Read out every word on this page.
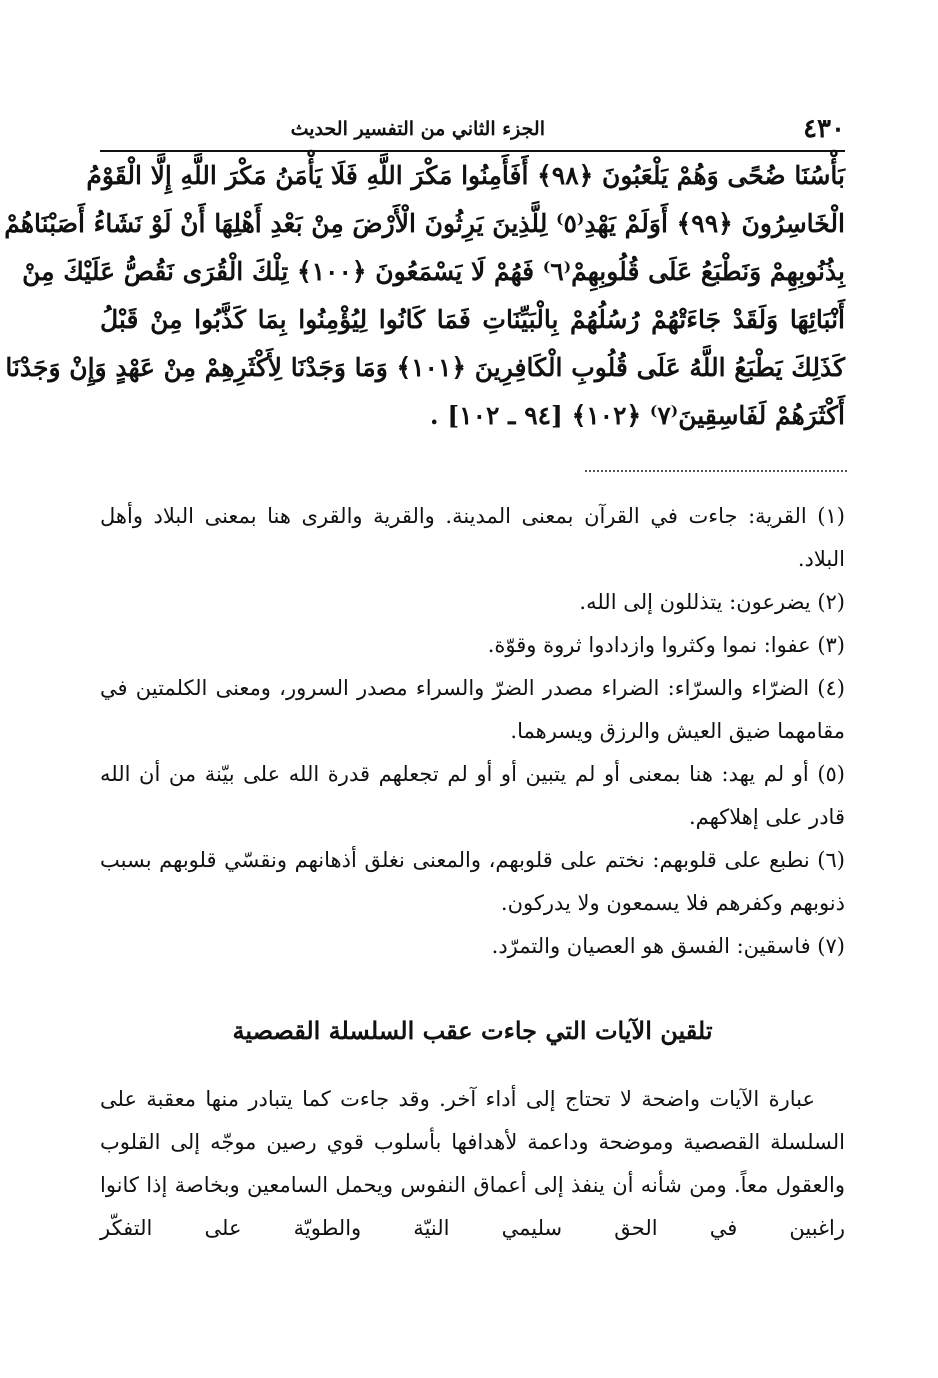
٤٣٠
الجزء الثاني من التفسير الحديث
بَأْسُنَا ضُحًى وَهُمْ يَلْعَبُونَ ﴿٩٨﴾ أَفَأَمِنُوا مَكْرَ اللَّهِ فَلَا يَأْمَنُ مَكْرَ اللَّهِ إِلَّا الْقَوْمُ
الْخَاسِرُونَ ﴿٩٩﴾ أَوَلَمْ يَهْدِ⁽٥⁾ لِلَّذِينَ يَرِثُونَ الْأَرْضَ مِنْ بَعْدِ أَهْلِهَا أَنْ لَوْ نَشَاءُ أَصَبْنَاهُمْ
بِذُنُوبِهِمْ وَنَطْبَعُ عَلَى قُلُوبِهِمْ⁽٦⁾ فَهُمْ لَا يَسْمَعُونَ ﴿١٠٠﴾ تِلْكَ الْقُرَى نَقُصُّ عَلَيْكَ مِنْ
أَنْبَائِهَا وَلَقَدْ جَاءَتْهُمْ رُسُلُهُمْ بِالْبَيِّنَاتِ فَمَا كَانُوا لِيُؤْمِنُوا بِمَا كَذَّبُوا مِنْ قَبْلُ
كَذَلِكَ يَطْبَعُ اللَّهُ عَلَى قُلُوبِ الْكَافِرِينَ ﴿١٠١﴾ وَمَا وَجَدْنَا لِأَكْثَرِهِمْ مِنْ عَهْدٍ وَإِنْ وَجَدْنَا
أَكْثَرَهُمْ لَفَاسِقِينَ⁽٧⁾ ﴿١٠٢﴾ [٩٤ ـ ١٠٢] .
(١) القرية: جاءت في القرآن بمعنى المدينة. والقرية والقرى هنا بمعنى البلاد وأهل البلاد.
(٢) يضرعون: يتذللون إلى الله.
(٣) عفوا: نموا وكثروا وازدادوا ثروة وقوّة.
(٤) الضرّاء والسرّاء: الضراء مصدر الضرّ والسراء مصدر السرور، ومعنى الكلمتين في مقامهما ضيق العيش والرزق ويسرهما.
(٥) أو لم يهد: هنا بمعنى أو لم يتبين أو أو لم تجعلهم قدرة الله على بيّنة من أن الله قادر على إهلاكهم.
(٦) نطبع على قلوبهم: نختم على قلوبهم، والمعنى نغلق أذهانهم ونقسّي قلوبهم بسبب ذنوبهم وكفرهم فلا يسمعون ولا يدركون.
(٧) فاسقين: الفسق هو العصيان والتمرّد.
تلقين الآيات التي جاءت عقب السلسلة القصصية

عبارة الآيات واضحة لا تحتاج إلى أداء آخر. وقد جاءت كما يتبادر منها معقبة على السلسلة القصصية وموضحة وداعمة لأهدافها بأسلوب قوي رصين موجّه إلى القلوب والعقول معاً. ومن شأنه أن ينفذ إلى أعماق النفوس ويحمل السامعين وبخاصة إذا كانوا راغبين في الحق سليمي النيّة والطويّة على التفكّر
